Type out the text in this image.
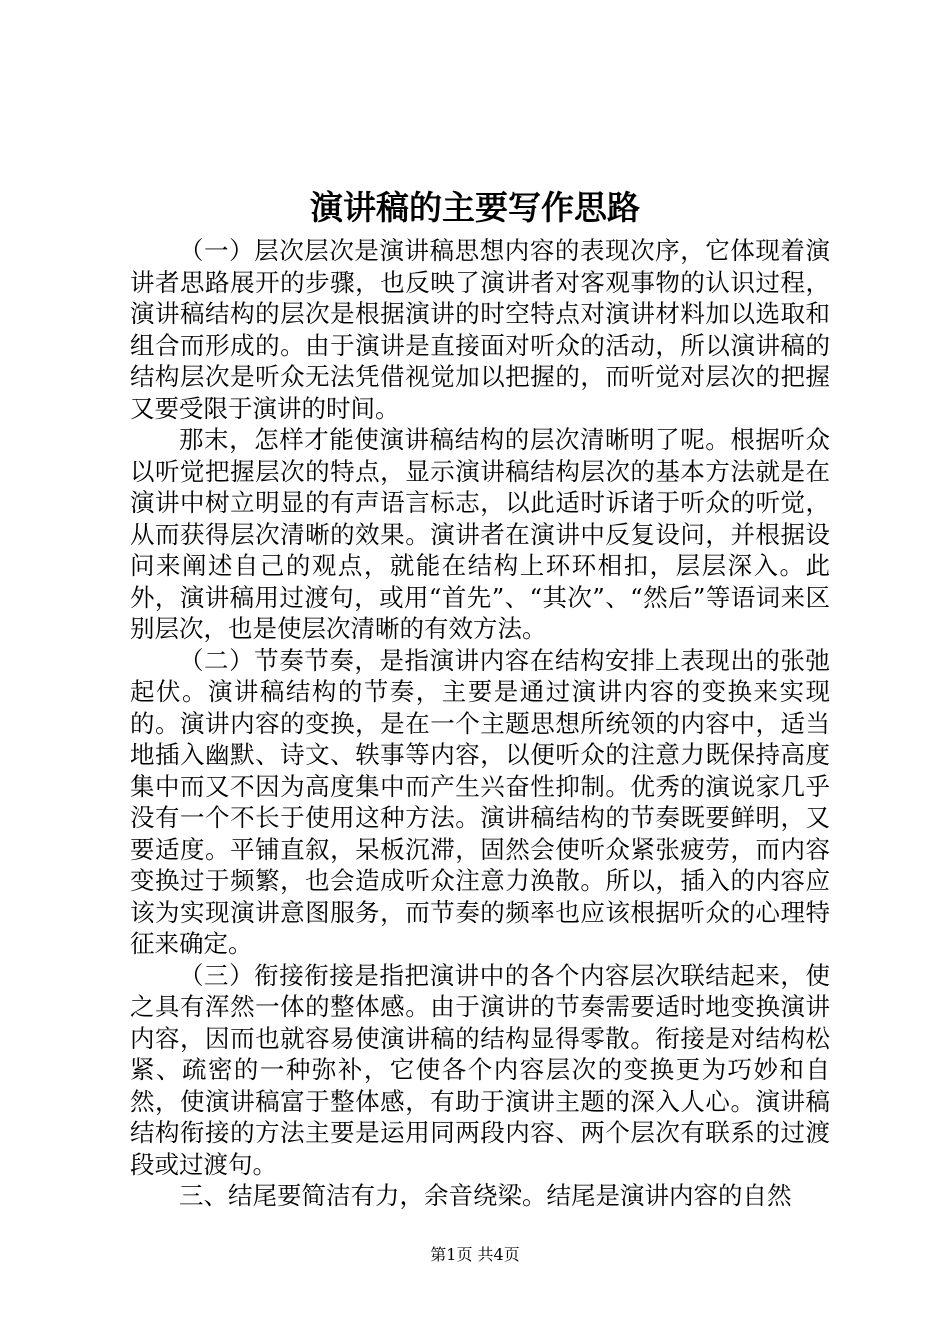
演讲稿的主要写作思路

（一）层次层次是演讲稿思想内容的表现次序，它体现着演讲者思路展开的步骤，也反映了演讲者对客观事物的认识过程，演讲稿结构的层次是根据演讲的时空特点对演讲材料加以选取和组合而形成的。由于演讲是直接面对听众的活动，所以演讲稿的结构层次是听众无法凭借视觉加以把握的，而听觉对层次的把握又要受限于演讲的时间。

那末，怎样才能使演讲稿结构的层次清晰明了呢。根据听众以听觉把握层次的特点，显示演讲稿结构层次的基本方法就是在演讲中树立明显的有声语言标志，以此适时诉诸于听众的听觉，从而获得层次清晰的效果。演讲者在演讲中反复设问，并根据设问来阐述自己的观点，就能在结构上环环相扣，层层深入。此外，演讲稿用过渡句，或用“首先”、“其次”、“然后”等语词来区别层次，也是使层次清晰的有效方法。

（二）节奏节奏，是指演讲内容在结构安排上表现出的张弛起伏。演讲稿结构的节奏，主要是通过演讲内容的变换来实现的。演讲内容的变换，是在一个主题思想所统领的内容中，适当地插入幽默、诗文、轶事等内容，以便听众的注意力既保持高度集中而又不因为高度集中而产生兴奋性抑制。优秀的演说家几乎没有一个不长于使用这种方法。演讲稿结构的节奏既要鲜明，又要适度。平铺直叙，呆板沉滞，固然会使听众紧张疲劳，而内容变换过于频繁，也会造成听众注意力涣散。所以，插入的内容应该为实现演讲意图服务，而节奏的频率也应该根据听众的心理特征来确定。

（三）衔接衔接是指把演讲中的各个内容层次联结起来，使之具有浑然一体的整体感。由于演讲的节奏需要适时地变换演讲内容，因而也就容易使演讲稿的结构显得零散。衔接是对结构松紧、疏密的一种弥补，它使各个内容层次的变换更为巧妙和自然，使演讲稿富于整体感，有助于演讲主题的深入人心。演讲稿结构衔接的方法主要是运用同两段内容、两个层次有联系的过渡段或过渡句。

三、结尾要简洁有力，余音绕梁。结尾是演讲内容的自然

第1页 共4页
